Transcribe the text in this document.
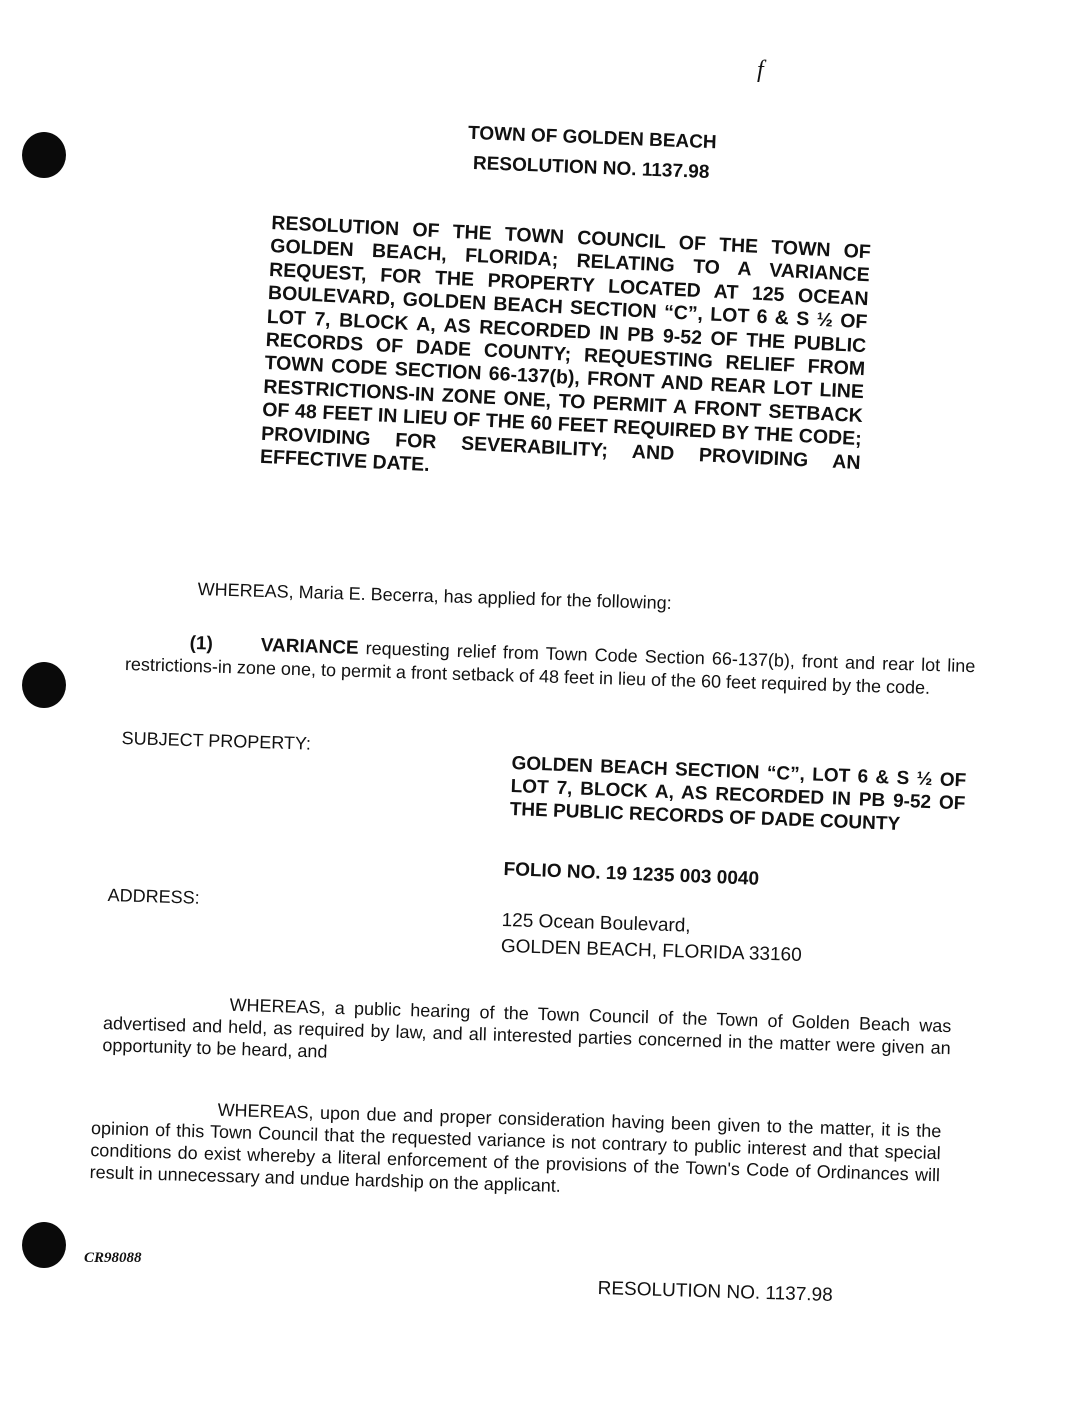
f
TOWN OF GOLDEN BEACH
RESOLUTION NO. 1137.98
RESOLUTION OF THE TOWN COUNCIL OF THE TOWN OF GOLDEN BEACH, FLORIDA; RELATING TO A VARIANCE REQUEST, FOR THE PROPERTY LOCATED AT 125 OCEAN BOULEVARD, GOLDEN BEACH SECTION “C”, LOT 6 & S ½ OF LOT 7, BLOCK A, AS RECORDED IN PB 9-52 OF THE PUBLIC RECORDS OF DADE COUNTY; REQUESTING RELIEF FROM TOWN CODE SECTION 66-137(b), FRONT AND REAR LOT LINE RESTRICTIONS-IN ZONE ONE, TO PERMIT A FRONT SETBACK OF 48 FEET IN LIEU OF THE 60 FEET REQUIRED BY THE CODE; PROVIDING FOR SEVERABILITY; AND PROVIDING AN EFFECTIVE DATE.
WHEREAS, Maria E. Becerra, has applied for the following:
(1) VARIANCE requesting relief from Town Code Section 66-137(b), front and rear lot line restrictions-in zone one, to permit a front setback of 48 feet in lieu of the 60 feet required by the code.
SUBJECT PROPERTY:
GOLDEN BEACH SECTION “C”, LOT 6 & S ½ OF LOT 7, BLOCK A, AS RECORDED IN PB 9-52 OF THE PUBLIC RECORDS OF DADE COUNTY
FOLIO NO. 19 1235 003 0040
ADDRESS:
125 Ocean Boulevard,
GOLDEN BEACH, FLORIDA 33160
WHEREAS, a public hearing of the Town Council of the Town of Golden Beach was advertised and held, as required by law, and all interested parties concerned in the matter were given an opportunity to be heard, and
WHEREAS, upon due and proper consideration having been given to the matter, it is the opinion of this Town Council that the requested variance is not contrary to public interest and that special conditions do exist whereby a literal enforcement of the provisions of the Town's Code of Ordinances will result in unnecessary and undue hardship on the applicant.
CR98088
RESOLUTION NO. 1137.98
